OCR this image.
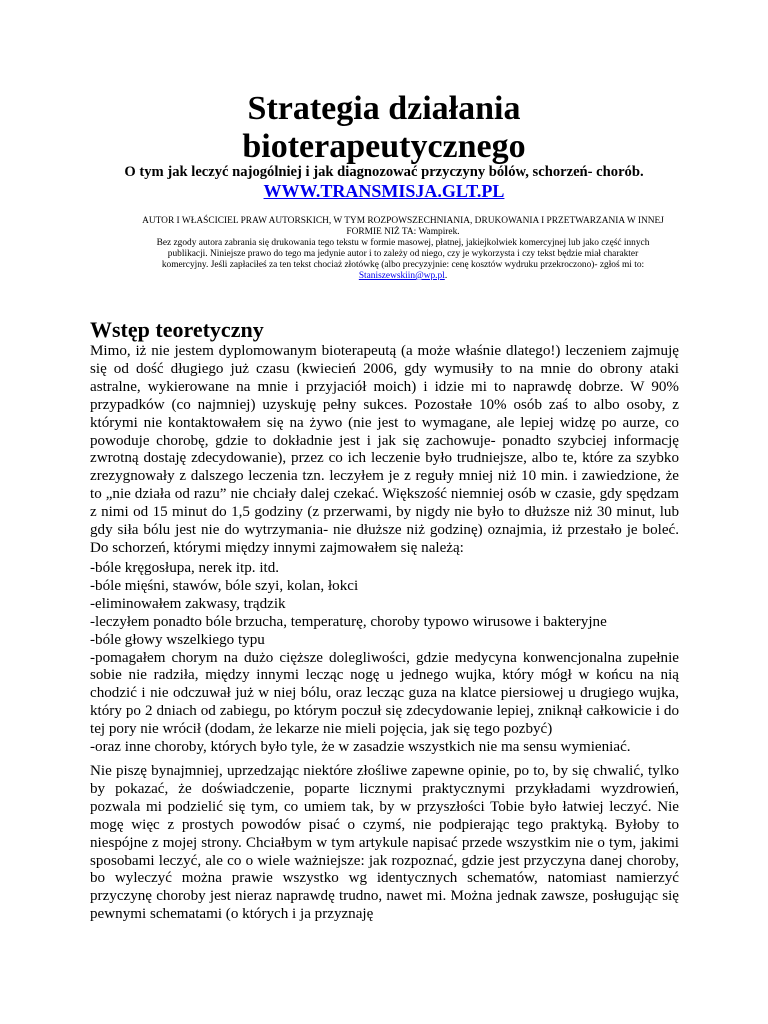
Strategia działania
bioterapeutycznego
O tym jak leczyć najogólniej i jak diagnozować przyczyny bólów, schorzeń- chorób.
WWW.TRANSMISJA.GLT.PL
AUTOR I WŁAŚCICIEL PRAW AUTORSKICH, W TYM ROZPOWSZECHNIANIA, DRUKOWANIA I PRZETWARZANIA W INNEJ
FORMIE NIŻ TA: Wampirek.
Bez zgody autora zabrania się drukowania tego tekstu w formie masowej, płatnej, jakiejkolwiek komercyjnej lub jako część innych
publikacji. Niniejsze prawo do tego ma jedynie autor i to zależy od niego, czy je wykorzysta i czy tekst będzie miał charakter
komercyjny. Jeśli zapłaciłeś za ten tekst chociaż złotówkę (albo precyzyjnie: cenę kosztów wydruku przekroczono)- zgłoś mi to:
Staniszewskiin@wp.pl.
Wstęp teoretyczny

Mimo, iż nie jestem dyplomowanym bioterapeutą (a może właśnie dlatego!) leczeniem zajmuję się od dość długiego już czasu (kwiecień 2006, gdy wymusiły to na mnie do obrony ataki astralne, wykierowane na mnie i przyjaciół moich) i idzie mi to naprawdę dobrze. W 90% przypadków (co najmniej) uzyskuję pełny sukces. Pozostałe 10% osób zaś to albo osoby, z którymi nie kontaktowałem się na żywo (nie jest to wymagane, ale lepiej widzę po aurze, co powoduje chorobę, gdzie to dokładnie jest i jak się zachowuje- ponadto szybciej informację zwrotną dostaję zdecydowanie), przez co ich leczenie było trudniejsze, albo te, które za szybko zrezygnowały z dalszego leczenia tzn. leczyłem je z reguły mniej niż 10 min. i zawiedzione, że to „nie działa od razu” nie chciały dalej czekać. Większość niemniej osób w czasie, gdy spędzam z nimi od 15 minut do 1,5 godziny (z przerwami, by nigdy nie było to dłuższe niż 30 minut, lub gdy siła bólu jest nie do wytrzymania- nie dłuższe niż godzinę) oznajmia, iż przestało je boleć. Do schorzeń, którymi między innymi zajmowałem się należą:

-bóle kręgosłupa, nerek itp. itd.
-bóle mięśni, stawów, bóle szyi, kolan, łokci
-eliminowałem zakwasy, trądzik
-leczyłem ponadto bóle brzucha, temperaturę, choroby typowo wirusowe i bakteryjne
-bóle głowy wszelkiego typu
-pomagałem chorym na dużo cięższe dolegliwości, gdzie medycyna konwencjonalna zupełnie sobie nie radziła, między innymi lecząc nogę u jednego wujka, który mógł w końcu na nią chodzić i nie odczuwał już w niej bólu, oraz lecząc guza na klatce piersiowej u drugiego wujka, który po 2 dniach od zabiegu, po którym poczuł się zdecydowanie lepiej, zniknął całkowicie i do tej pory nie wrócił (dodam, że lekarze nie mieli pojęcia, jak się tego pozbyć)
-oraz inne choroby, których było tyle, że w zasadzie wszystkich nie ma sensu wymieniać.

Nie piszę bynajmniej, uprzedzając niektóre złośliwe zapewne opinie, po to, by się chwalić, tylko by pokazać, że doświadczenie, poparte licznymi praktycznymi przykładami wyzdrowień, pozwala mi podzielić się tym, co umiem tak, by w przyszłości Tobie było łatwiej leczyć. Nie mogę więc z prostych powodów pisać o czymś, nie podpierając tego praktyką. Byłoby to niespójne z mojej strony. Chciałbym w tym artykule napisać przede wszystkim nie o tym, jakimi sposobami leczyć, ale co o wiele ważniejsze: jak rozpoznać, gdzie jest przyczyna danej choroby, bo wyleczyć można prawie wszystko wg identycznych schematów, natomiast namierzyć przyczynę choroby jest nieraz naprawdę trudno, nawet mi. Można jednak zawsze, posługując się pewnymi schematami (o których i ja przyznaję
